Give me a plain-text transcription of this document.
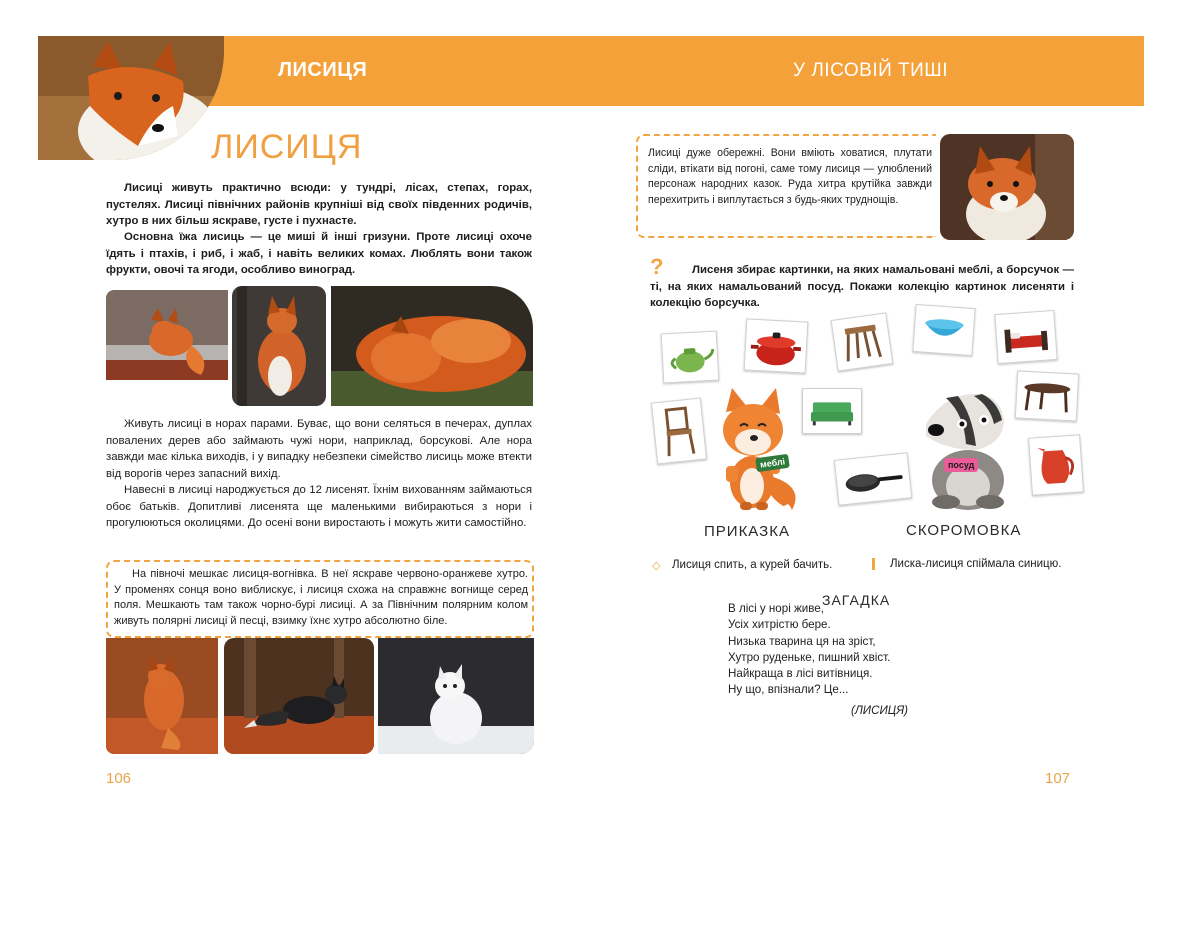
ЛИСИЦЯ	У ЛІСОВІЙ ТИШІ
ЛИСИЦЯ
Лисиці живуть практично всюди: у тундрі, лісах, степах, горах, пустелях. Лисиці північних районів крупніші від своїх південних родичів, хутро в них більш яскраве, густе і пухнасте.
Основна їжа лисиць — це миші й інші гризуни. Проте лисиці охоче їдять і птахів, і риб, і жаб, і навіть великих комах. Люблять вони також фрукти, овочі та ягоди, особливо виноград.
Живуть лисиці в норах парами. Буває, що вони селяться в печерах, дуплах повалених дерев або займають чужі нори, наприклад, борсукові. Але нора завжди має кілька виходів, і у випадку небезпеки сімейство лисиць може втекти від ворогів через запасний вихід.
Навесні в лисиці народжується до 12 лисенят. Їхнім вихованням займаються обоє батьків. Допитливі лисенята ще маленькими вибираються з нори і прогулюються околицями. До осені вони виростають і можуть жити самостійно.
На півночі мешкає лисиця-вогнівка. В неї яскраве червоно-оранжеве хутро. У променях сонця воно виблискує, і лисиця схожа на справжнє вогнище серед поля. Мешкають там також чорно-бурі лисиці. А за Північним полярним колом живуть полярні лисиці й песці, взимку їхнє хутро абсолютно біле.
106
Лисиці дуже обережні. Вони вміють ховатися, плутати сліди, втікати від погоні, саме тому лисиця — улюблений персонаж народних казок. Руда хитра крутійка завжди перехитрить і виплутається з будь-яких труднощів.
?	Лисеня збирає картинки, на яких намальовані меблі, а борсучок — ті, на яких намальований посуд. Покажи колекцію картинок лисеняти і колекцію борсучка.
меблі	посуд
ПРИКАЗКА	СКОРОМОВКА
◇ Лисиця спить, а курей бачить.	Лиска-лисиця спіймала синицю.
ЗАГАДКА
107
В лісі у норі живе,
Усіх хитрістю бере.
Низька тварина ця на зріст,
Хутро руденьке, пишний хвіст.
Найкраща в лісі витівниця.
Ну що, впізнали? Це...
(ЛИСИЦЯ)
